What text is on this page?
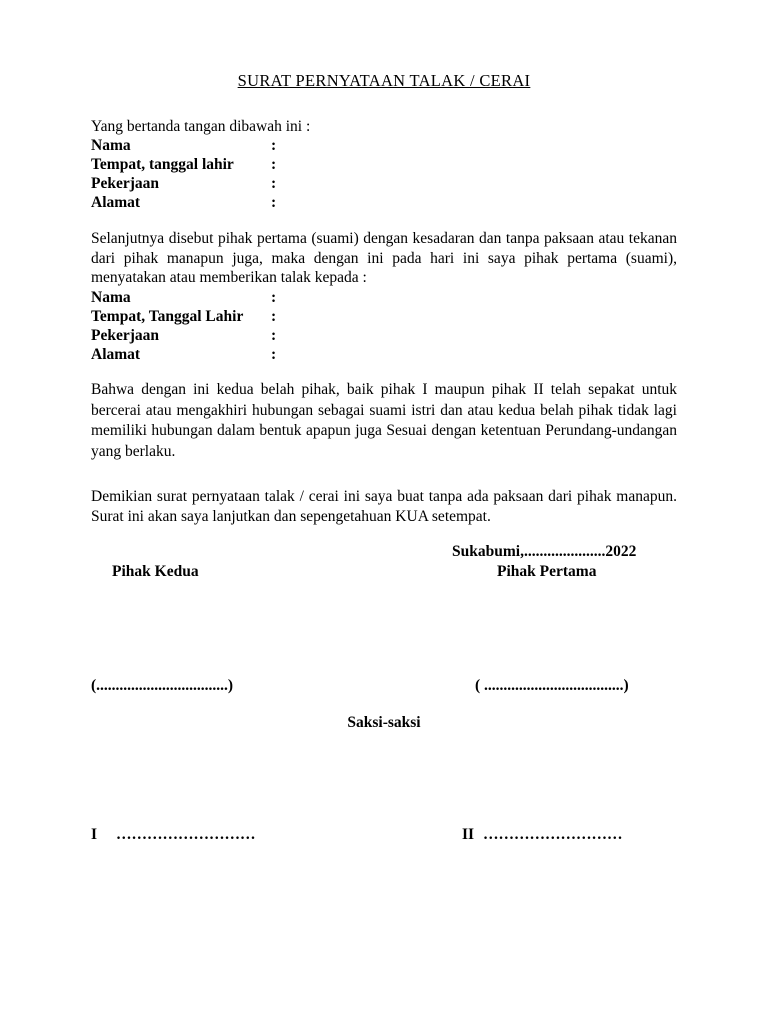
SURAT PERNYATAAN TALAK / CERAI
Yang bertanda tangan dibawah ini :
Nama	:
Tempat, tanggal lahir :
Pekerjaan	:
Alamat	:
Selanjutnya disebut pihak pertama (suami) dengan kesadaran dan tanpa paksaan atau tekanan dari pihak manapun juga, maka dengan ini pada hari ini saya pihak pertama (suami), menyatakan atau memberikan talak kepada :
Nama	:
Tempat, Tanggal Lahir :
Pekerjaan	:
Alamat	:
Bahwa dengan ini kedua belah pihak, baik pihak I maupun pihak II telah sepakat untuk bercerai atau mengakhiri hubungan sebagai suami istri dan atau kedua belah pihak tidak lagi memiliki hubungan dalam bentuk apapun juga Sesuai dengan ketentuan Perundang-undangan yang berlaku.
Demikian surat pernyataan talak / cerai ini saya buat tanpa ada paksaan dari pihak manapun. Surat ini akan saya lanjutkan dan sepengetahuan KUA setempat.
Sukabumi,.....................2022
Pihak Kedua	Pihak Pertama
(..................................)	( ....................................)
Saksi-saksi
I ………………………	II ………………………
